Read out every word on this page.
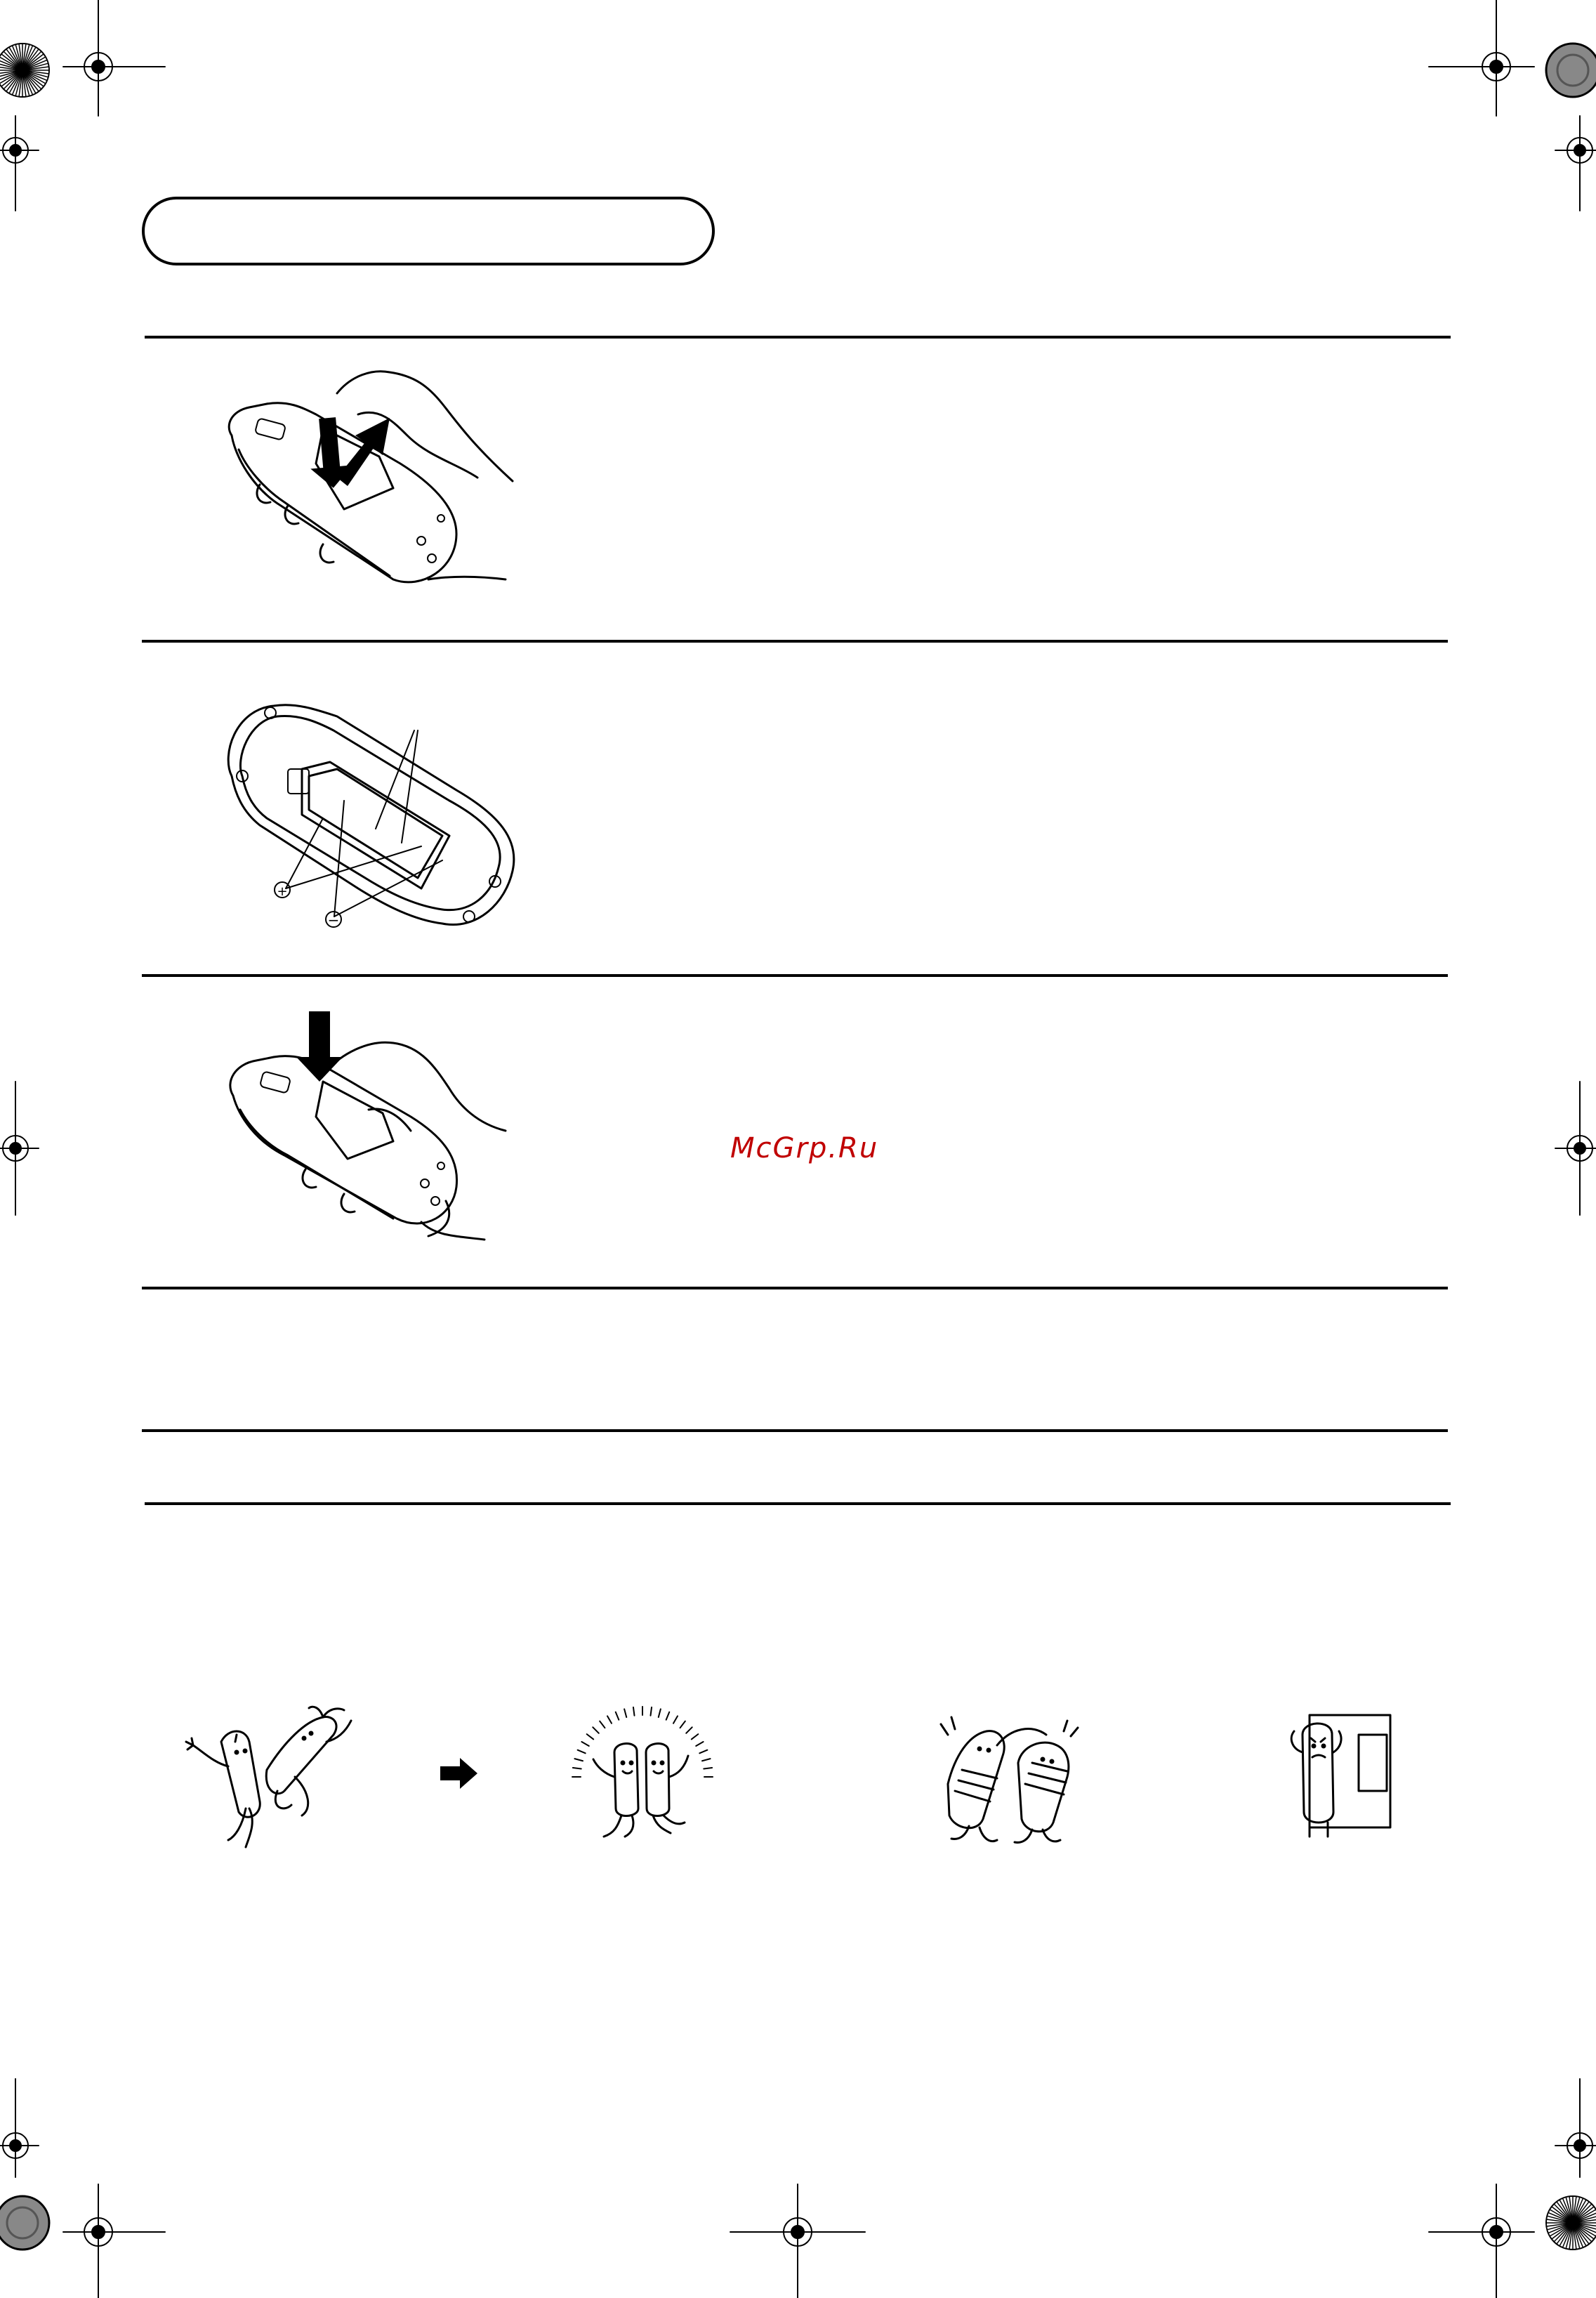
+
−
McGrp.Ru
